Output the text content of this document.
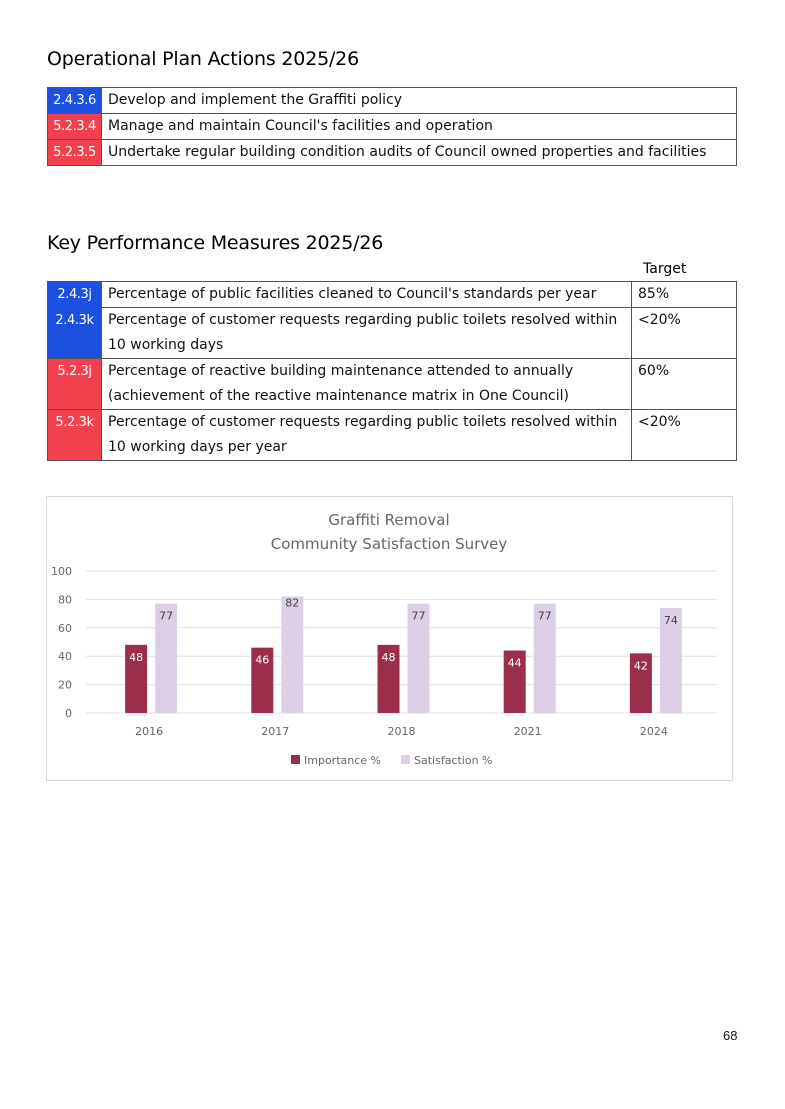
Operational Plan Actions 2025/26
2.4.3.6	Develop and implement the Graffiti policy
5.2.3.4	Manage and maintain Council's facilities and operation
5.2.3.5	Undertake regular building condition audits of Council owned properties and facilities
Key Performance Measures 2025/26
Target
2.4.3j	Percentage of public facilities cleaned to Council's standards per year	85%
2.4.3k	Percentage of customer requests regarding public toilets resolved within 10 working days	<20%
5.2.3j	Percentage of reactive building maintenance attended to annually (achievement of the reactive maintenance matrix in One Council)	60%
5.2.3k	Percentage of customer requests regarding public toilets resolved within 10 working days per year	<20%
Graffiti Removal
Community Satisfaction Survey
0
20
40
60
80
100
48
77
2016
46
82
2017
48
77
2018
44
77
2021
42
74
2024
Importance %	Satisfaction %
68
